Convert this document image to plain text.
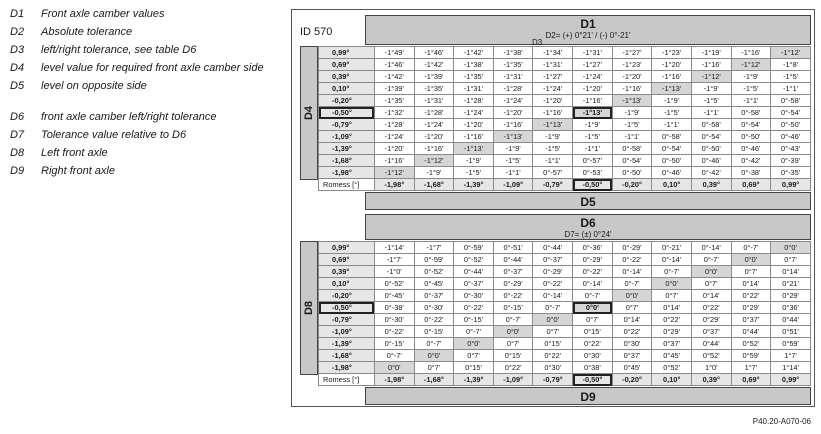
D1	Front axle camber values
D2	Absolute tolerance
D3	left/right tolerance, see table D6
D4	level value for required front axle camber side
D5	level on opposite side
D6	front axle camber left/right tolerance
D7	Tolerance value relative to D6
D8	Left front axle
D9	Right front axle
ID 570
D1
D2= (+) 0°21' / (-) 0°-21'
D3
D4
0,99°	-1°49'	-1°46'	-1°42'	-1°38'	-1°34'	-1°31'	-1°27'	-1°23'	-1°19'	-1°16'	-1°12'
0,69°	-1°46'	-1°42'	-1°38'	-1°35'	-1°31'	-1°27'	-1°23'	-1°20'	-1°16'	-1°12'	-1°8'
0,39°	-1°42'	-1°39'	-1°35'	-1°31'	-1°27'	-1°24'	-1°20'	-1°16'	-1°12'	-1°9'	-1°5'
0,10°	-1°39'	-1°35'	-1°31'	-1°28'	-1°24'	-1°20'	-1°16'	-1°13'	-1°9'	-1°5'	-1°1'
-0,20°	-1°35'	-1°31'	-1°28'	-1°24'	-1°20'	-1°16'	-1°13'	-1°9'	-1°5'	-1°1'	0°-58'
-0,50°	-1°32'	-1°28'	-1°24'	-1°20'	-1°16'	-1°13'	-1°9'	-1°5'	-1°1'	0°-58'	0°-54'
-0,79°	-1°28'	-1°24'	-1°20'	-1°16'	-1°13'	-1°9'	-1°5'	-1°1'	0°-58'	0°-54'	0°-50'
-1,09°	-1°24'	-1°20'	-1°16'	-1°13'	-1°9'	-1°5'	-1°1'	0°-58'	0°-54'	0°-50'	0°-46'
-1,39°	-1°20'	-1°16'	-1°13'	-1°9'	-1°5'	-1°1'	0°-58'	0°-54'	0°-50'	0°-46'	0°-43'
-1,68°	-1°16'	-1°12'	-1°9'	-1°5'	-1°1'	0°-57'	0°-54'	0°-50'	0°-46'	0°-42'	0°-39'
-1,98°	-1°12'	-1°9'	-1°5'	-1°1'	0°-57'	0°-53'	0°-50'	0°-46'	0°-42'	0°-38'	0°-35'
Romess [°]	-1,98°	-1,68°	-1,39°	-1,09°	-0,79°	-0,50°	-0,20°	0,10°	0,39°	0,69°	0,99°
D5
D6
D7= (±) 0°24'
D8
0,99°	-1°14'	-1°7'	0°-59'	0°-51'	0°-44'	0°-36'	0°-29'	0°-21'	0°-14'	0°-7'	0°0'
0,69°	-1°7'	0°-59'	0°-52'	0°-44'	0°-37'	0°-29'	0°-22'	0°-14'	0°-7'	0°0'	0°7'
0,39°	-1°0'	0°-52'	0°-44'	0°-37'	0°-29'	0°-22'	0°-14'	0°-7'	0°0'	0°7'	0°14'
0,10°	0°-52'	0°-45'	0°-37'	0°-29'	0°-22'	0°-14'	0°-7'	0°0'	0°7'	0°14'	0°21'
-0,20°	0°-45'	0°-37'	0°-30'	0°-22'	0°-14'	0°-7'	0°0'	0°7'	0°14'	0°22'	0°29'
-0,50°	0°-38'	0°-30'	0°-22'	0°-15'	0°-7'	0°0'	0°7'	0°14'	0°22'	0°29'	0°36'
-0,79°	0°-30'	0°-22'	0°-15'	0°-7'	0°0'	0°7'	0°14'	0°22'	0°29'	0°37'	0°44'
-1,09°	0°-22'	0°-15'	0°-7'	0°0'	0°7'	0°15'	0°22'	0°29'	0°37'	0°44'	0°51'
-1,39°	0°-15'	0°-7'	0°0'	0°7'	0°15'	0°22'	0°30'	0°37'	0°44'	0°52'	0°59'
-1,68°	0°-7'	0°0'	0°7'	0°15'	0°22'	0°30'	0°37'	0°45'	0°52'	0°59'	1°7'
-1,98°	0°0'	0°7'	0°15'	0°22'	0°30'	0°38'	0°45'	0°52'	1°0'	1°7'	1°14'
Romess [°]	-1,98°	-1,68°	-1,39°	-1,09°	-0,79°	-0,50°	-0,20°	0,10°	0,39°	0,69°	0,99°
D9
P40.20-A070-06
